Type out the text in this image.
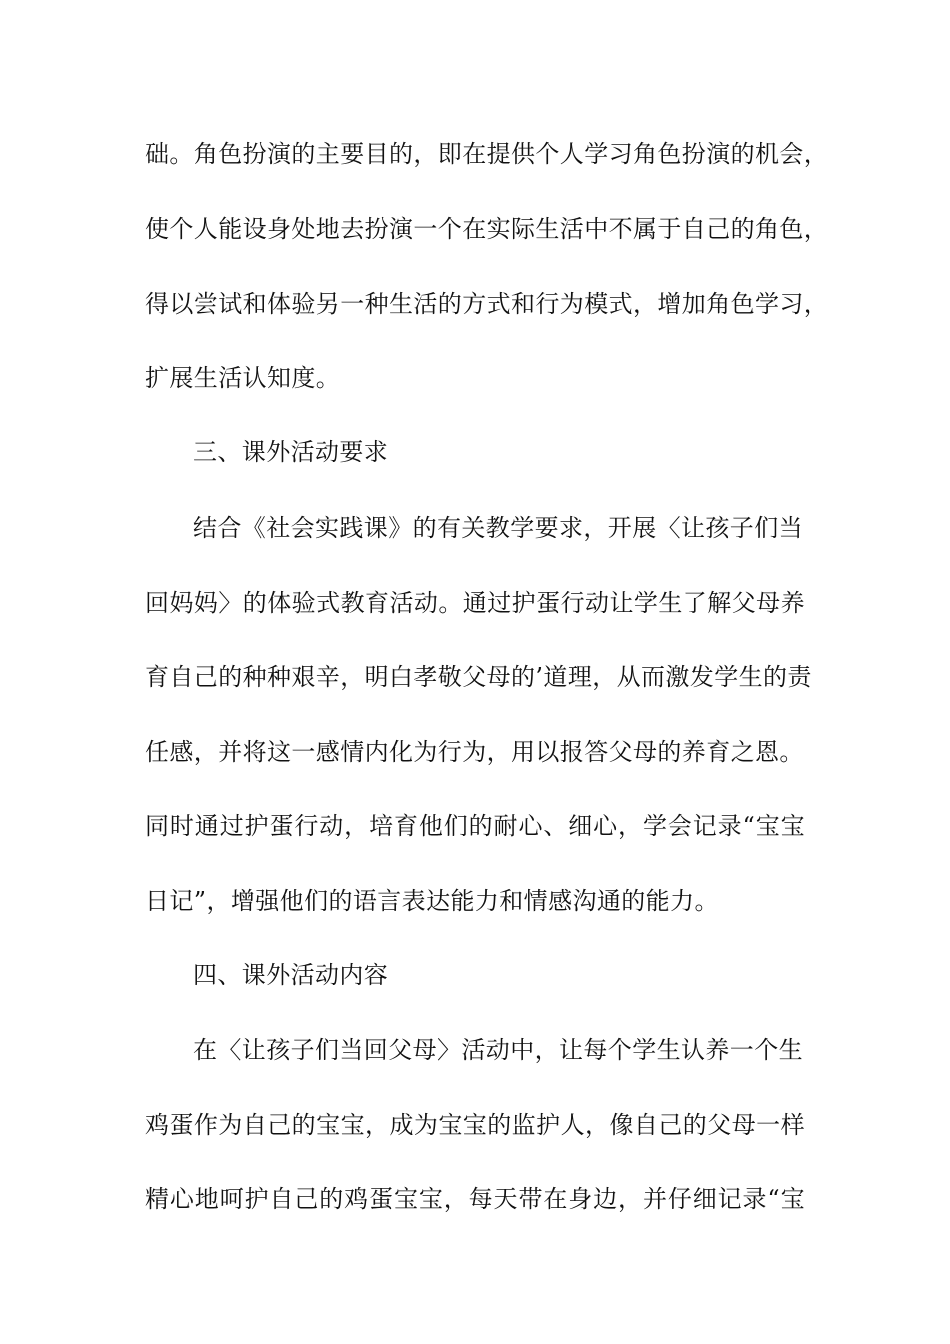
础。角色扮演的主要目的，即在提供个人学习角色扮演的机会，
使个人能设身处地去扮演一个在实际生活中不属于自己的角色，
得以尝试和体验另一种生活的方式和行为模式，增加角色学习，
扩展生活认知度。
三、课外活动要求
结合《社会实践课》的有关教学要求，开展〈让孩子们当
回妈妈〉的体验式教育活动。通过护蛋行动让学生了解父母养
育自己的种种艰辛，明白孝敬父母的’道理，从而激发学生的责
任感，并将这一感情内化为行为，用以报答父母的养育之恩。
同时通过护蛋行动，培育他们的耐心、细心，学会记录“宝宝
日记”，增强他们的语言表达能力和情感沟通的能力。
四、课外活动内容
在〈让孩子们当回父母〉活动中，让每个学生认养一个生
鸡蛋作为自己的宝宝，成为宝宝的监护人，像自己的父母一样
精心地呵护自己的鸡蛋宝宝，每天带在身边，并仔细记录“宝
